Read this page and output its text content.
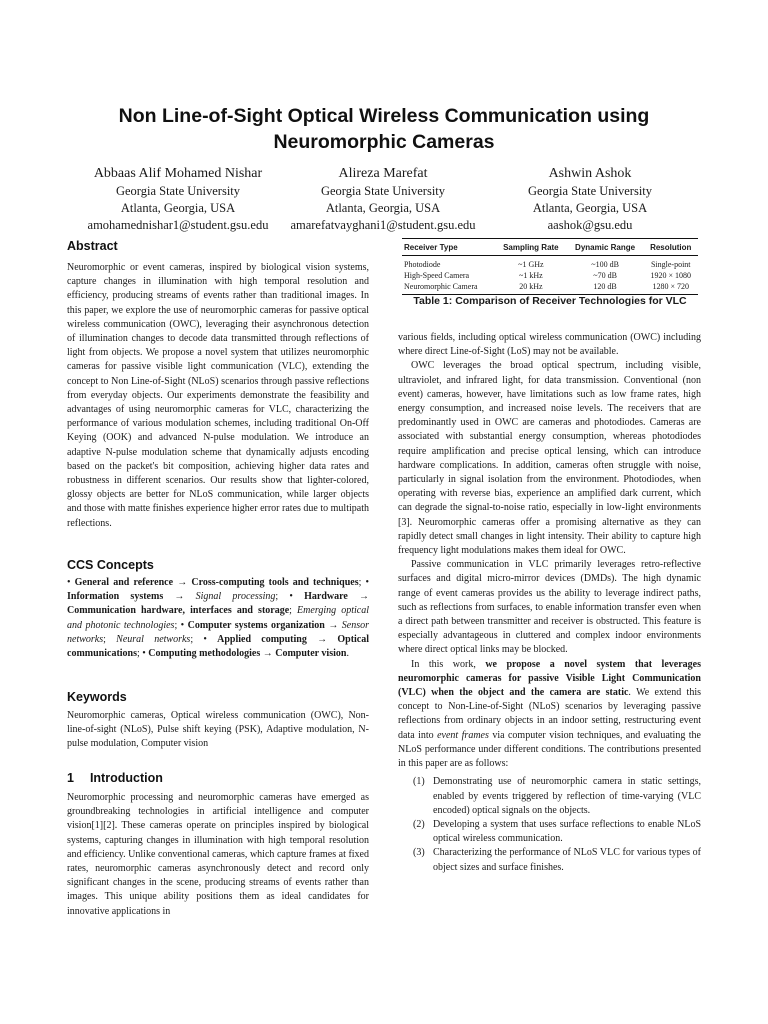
Non Line-of-Sight Optical Wireless Communication using Neuromorphic Cameras
Abbaas Alif Mohamed Nishar
Georgia State University
Atlanta, Georgia, USA
amohamednishar1@student.gsu.edu
Alireza Marefat
Georgia State University
Atlanta, Georgia, USA
amarefatvayghani1@student.gsu.edu
Ashwin Ashok
Georgia State University
Atlanta, Georgia, USA
aashok@gsu.edu
Abstract

Neuromorphic or event cameras, inspired by biological vision systems, capture changes in illumination with high temporal resolution and efficiency, producing streams of events rather than traditional images. In this paper, we explore the use of neuromorphic cameras for passive optical wireless communication (OWC), leveraging their asynchronous detection of illumination changes to decode data transmitted through reflections of light from objects. We propose a novel system that utilizes neuromorphic cameras for passive visible light communication (VLC), extending the concept to Non Line-of-Sight (NLoS) scenarios through passive reflections from everyday objects. Our experiments demonstrate the feasibility and advantages of using neuromorphic cameras for VLC, characterizing the performance of various modulation schemes, including traditional On-Off Keying (OOK) and advanced N-pulse modulation. We introduce an adaptive N-pulse modulation scheme that dynamically adjusts encoding based on the packet's bit composition, achieving higher data rates and robustness in different scenarios. Our results show that lighter-colored, glossy objects are better for NLoS communication, while larger objects and those with matte finishes experience higher error rates due to multipath reflections.

CCS Concepts

• General and reference → Cross-computing tools and techniques; • Information systems → Signal processing; • Hardware → Communication hardware, interfaces and storage; Emerging optical and photonic technologies; • Computer systems organization → Sensor networks; Neural networks; • Applied computing → Optical communications; • Computing methodologies → Computer vision.

Keywords

Neuromorphic cameras, Optical wireless communication (OWC), Non-line-of-sight (NLoS), Pulse shift keying (PSK), Adaptive modulation, N-pulse modulation, Computer vision

1 Introduction

Neuromorphic processing and neuromorphic cameras have emerged as groundbreaking technologies in artificial intelligence and computer vision[1][2]. These cameras operate on principles inspired by biological systems, capturing changes in illumination with high temporal resolution and efficiency. Unlike conventional cameras, which capture frames at fixed rates, neuromorphic cameras asynchronously detect and record only significant changes in the scene, producing streams of events rather than images. This unique ability positions them as ideal candidates for innovative applications in

Receiver Type	Sampling Rate	Dynamic Range	Resolution
Photodiode	~1 GHz	~100 dB	Single-point
High-Speed Camera	~1 kHz	~70 dB	1920 × 1080
Neuromorphic Camera	20 kHz	120 dB	1280 × 720
Table 1: Comparison of Receiver Technologies for VLC

various fields, including optical wireless communication (OWC) including where direct Line-of-Sight (LoS) may not be available.

OWC leverages the broad optical spectrum, including visible, ultraviolet, and infrared light, for data transmission. Conventional (non event) cameras, however, have limitations such as low frame rates, high energy consumption, and increased noise levels. The receivers that are predominantly used in OWC are cameras and photodiodes. Cameras are associated with substantial energy consumption, whereas photodiodes require amplification and precise optical lensing, which can introduce hardware complications. In addition, cameras often struggle with noise, particularly in signal isolation from the environment. Photodiodes, when operating with reverse bias, experience an amplified dark current, which can degrade the signal-to-noise ratio, especially in low-light environments [3]. Neuromorphic cameras offer a promising alternative as they can rapidly detect small changes in light intensity. Their ability to capture high frequency light modulations makes them ideal for OWC.

Passive communication in VLC primarily leverages retro-reflective surfaces and digital micro-mirror devices (DMDs). The high dynamic range of event cameras provides us the ability to leverage indirect paths, such as reflections from surfaces, to enable information transfer even when a direct path between transmitter and receiver is obstructed. This feature is especially advantageous in cluttered and complex indoor environments where direct optical links may be blocked.

In this work, we propose a novel system that leverages neuromorphic cameras for passive Visible Light Communication (VLC) when the object and the camera are static. We extend this concept to Non-Line-of-Sight (NLoS) scenarios by leveraging passive reflections from ordinary objects in an indoor setting, restructuring event data into event frames via computer vision techniques, and evaluating the NLoS performance under different conditions. The contributions presented in this paper are as follows:

(1) Demonstrating use of neuromorphic camera in static settings, enabled by events triggered by reflection of time-varying (VLC encoded) optical signals on the objects.
(2) Developing a system that uses surface reflections to enable NLoS optical wireless communication.
(3) Characterizing the performance of NLoS VLC for various types of object sizes and surface finishes.
